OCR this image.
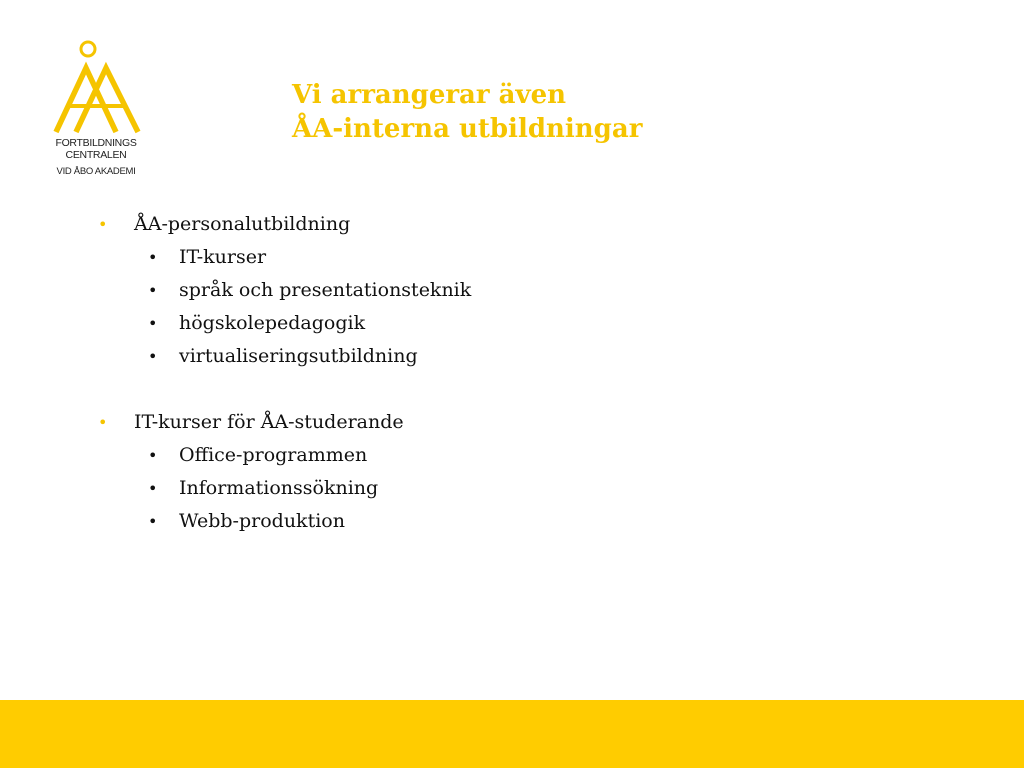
FORTBILDNINGS
CENTRALEN
VID ÅBO AKADEMI
Vi arrangerar även
ÅA-interna utbildningar
• ÅA-personalutbildning
• IT-kurser
• språk och presentationsteknik
• högskolepedagogik
• virtualiseringsutbildning
• IT-kurser för ÅA-studerande
• Office-programmen
• Informationssökning
• Webb-produktion
